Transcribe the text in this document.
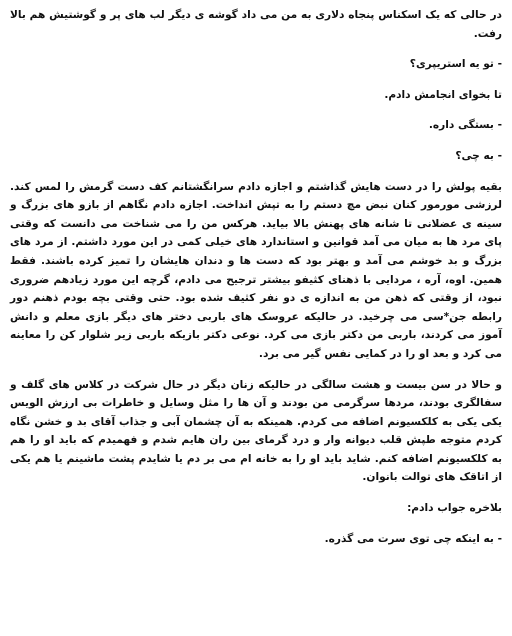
در حالی که یک اسکناس پنجاه دلاری به من می داد گوشه ی دیگر لب های پر و گوشتیش هم بالا رفت.

- تو یه استریپری؟

تا بخوای انجامش دادم.

- بستگی داره.

- به چی؟

بقیه پولش را در دست هایش گذاشتم و اجازه دادم سرانگشتانم کف دست گرمش را لمس کند. لرزشی مورمور کنان نبض مچ دستم را به تپش انداخت. اجازه دادم نگاهم از بازو های بزرگ و سینه ی عضلانی تا شانه های پهنش بالا بیاید. هرکس من را می شناخت می دانست که وقتی پای مرد ها به میان می آمد قوانین و استاندارد های خیلی کمی در این مورد داشتم. از مرد های بزرگ و بد خوشم می آمد و بهتر بود که دست ها و دندان هایشان را تمیز کرده باشند. فقط همین. اوه، آره ، مردایی با ذهنای کثیفو بیشتر ترجیح می دادم، گرچه این مورد زیادهم ضروری نبود، از وقتی که ذهن من به اندازه ی دو نفر کثیف شده بود. حتی وقتی بچه بودم ذهنم دور رابطه جن*سی می چرخید. در حالیکه عروسک های باربی دختر های دیگر بازی معلم و دانش آموز می کردند، باربی من دکتر بازی می کرد. نوعی دکتر بازیکه باربی زیر شلوار کن را معاینه می کرد و بعد او را در کمایی نفس گیر می برد.

و حالا در سن بیست و هشت سالگی در حالیکه زنان دیگر در حال شرکت در کلاس های گلف و سفالگری بودند، مردها سرگرمی من بودند و آن ها را مثل وسایل و خاطرات بی ارزش الویس یکی یکی به کلکسیونم اضافه می کردم. همینکه به آن چشمان آبی و جذاب آقای بد و خشن نگاه کردم متوجه طپش قلب دیوانه وار و درد گرمای بین ران هایم شدم و فهمیدم که باید او را هم به کلکسیونم اضافه کنم. شاید باید او را به خانه ام می بر دم یا شایدم پشت ماشینم یا هم یکی از اتاقک های توالت بانوان.

بلاخره جواب دادم:

- به اینکه چی توی سرت می گذره.
